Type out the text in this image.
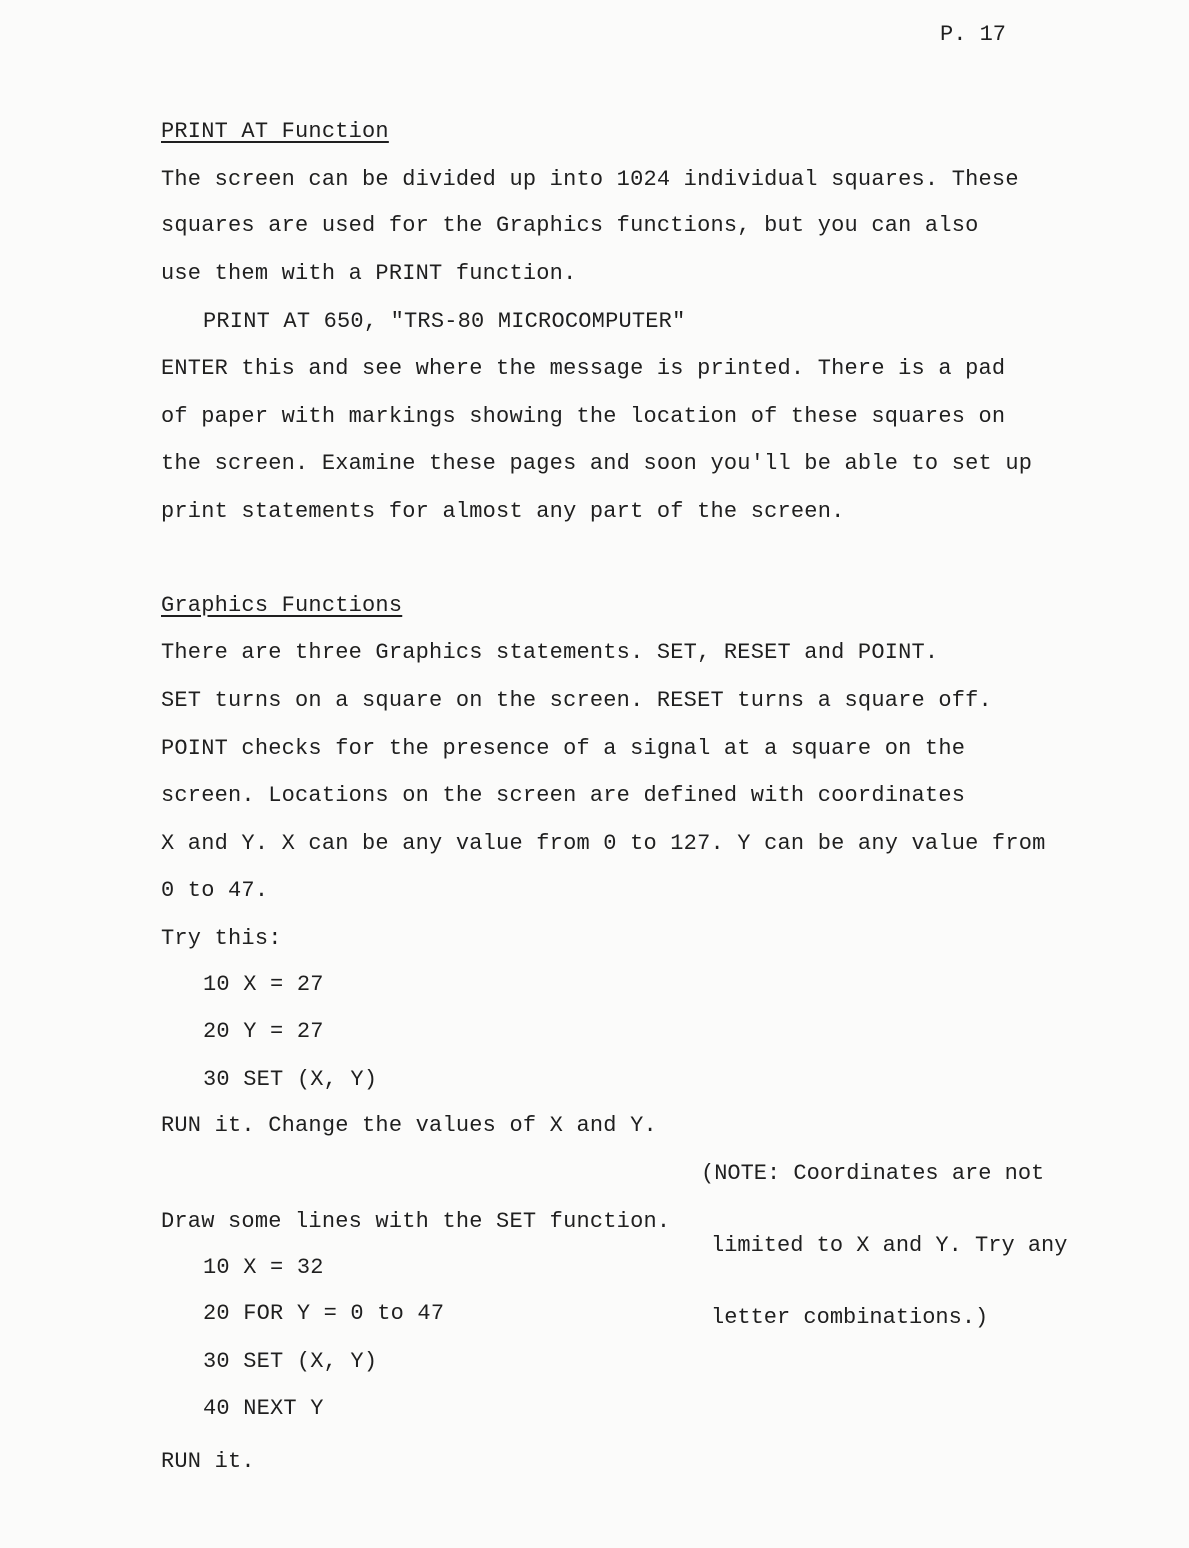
P. 17
PRINT AT Function
The screen can be divided up into 1024 individual squares. These
squares are used for the Graphics functions, but you can also
use them with a PRINT function.
PRINT AT 650, "TRS-80 MICROCOMPUTER"
ENTER this and see where the message is printed. There is a pad
of paper with markings showing the location of these squares on
the screen. Examine these pages and soon you'll be able to set up
print statements for almost any part of the screen.
Graphics Functions
There are three Graphics statements. SET, RESET and POINT.
SET turns on a square on the screen. RESET turns a square off.
POINT checks for the presence of a signal at a square on the
screen. Locations on the screen are defined with coordinates
X and Y. X can be any value from 0 to 127. Y can be any value from
0 to 47.
Try this:
10 X = 27
20 Y = 27
30 SET (X, Y)
RUN it. Change the values of X and Y.

(NOTE: Coordinates are not

limited to X and Y. Try any

letter combinations.)

Draw some lines with the SET function.
10 X = 32
20 FOR Y = 0 to 47
30 SET (X, Y)
40 NEXT Y
RUN it.
